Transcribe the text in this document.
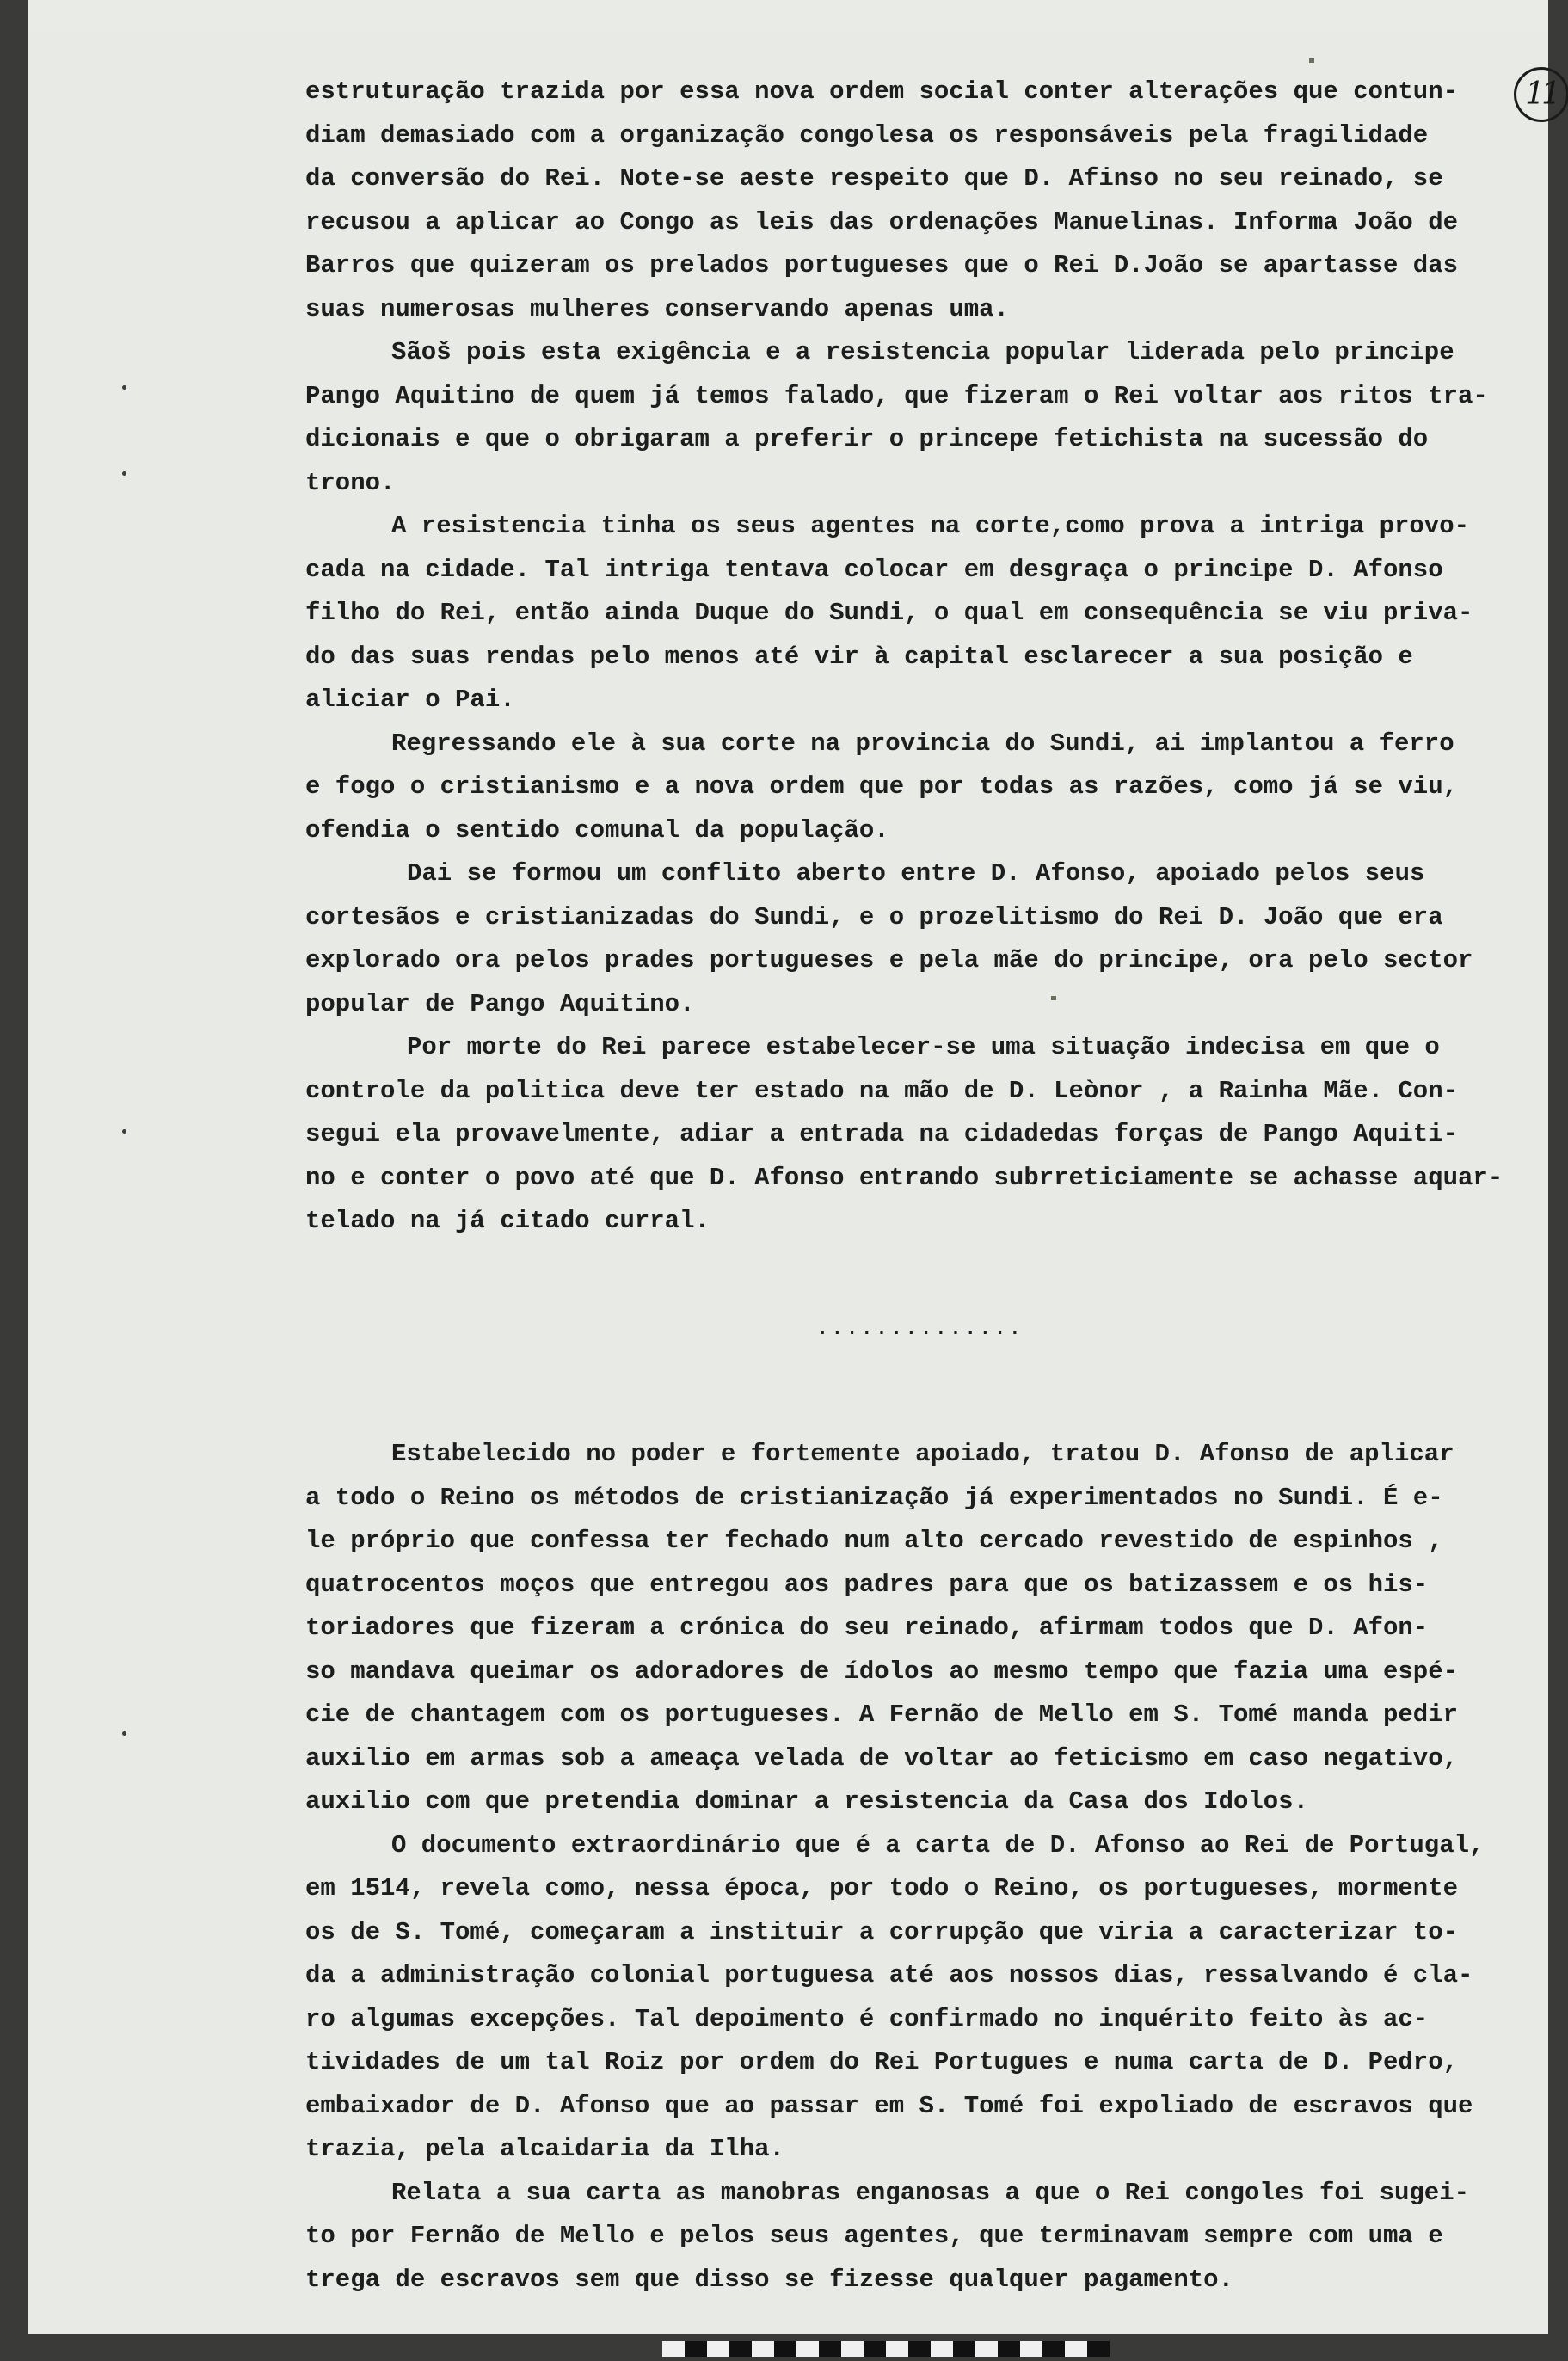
11

estruturação trazida por essa nova ordem social conter alterações que contun-

diam demasiado com a organização congolesa os responsáveis pela fragilidade

da conversão do Rei. Note-se aeste respeito que D. Afinso no seu reinado, se

recusou a aplicar ao Congo as leis das ordenações Manuelinas. Informa João de

Barros que quizeram os prelados portugueses que o Rei D.João se apartasse das

suas numerosas mulheres conservando apenas uma.

Sãoš pois esta exigência e a resistencia popular liderada pelo principe

Pango Aquitino de quem já temos falado, que fizeram o Rei voltar aos ritos tra-

dicionais e que o obrigaram a preferir o princepe fetichista na sucessão do

trono.

A resistencia tinha os seus agentes na corte,como prova a intriga provo-

cada na cidade. Tal intriga tentava colocar em desgraça o principe D. Afonso

filho do Rei, então ainda Duque do Sundi, o qual em consequência se viu priva-

do das suas rendas pelo menos até vir à capital esclarecer a sua posição e

aliciar o Pai.

Regressando ele à sua corte na provincia do Sundi, ai implantou a ferro

e fogo o cristianismo e a nova ordem que por todas as razões, como já se viu,

ofendia o sentido comunal da população.

Dai se formou um conflito aberto entre D. Afonso, apoiado pelos seus

cortesãos e cristianizadas do Sundi, e o prozelitismo do Rei D. João que era

explorado ora pelos prades portugueses e pela mãe do principe, ora pelo sector

popular de Pango Aquitino.

Por morte do Rei parece estabelecer-se uma situação indecisa em que o

controle da politica deve ter estado na mão de D. Leònor , a Rainha Mãe. Con-

segui ela provavelmente, adiar a entrada na cidadedas forças de Pango Aquiti-

no e conter o povo até que D. Afonso entrando subrreticiamente se achasse aquar-

telado na já citado curral.

..............

Estabelecido no poder e fortemente apoiado, tratou D. Afonso de aplicar

a todo o Reino os métodos de cristianização já experimentados no Sundi. É e-

le próprio que confessa ter fechado num alto cercado revestido de espinhos ,

quatrocentos moços que entregou aos padres para que os batizassem e os his-

toriadores que fizeram a crónica do seu reinado, afirmam todos que D. Afon-

so mandava queimar os adoradores de ídolos ao mesmo tempo que fazia uma espé-

cie de chantagem com os portugueses. A Fernão de Mello em S. Tomé manda pedir

auxilio em armas sob a ameaça velada de voltar ao feticismo em caso negativo,

auxilio com que pretendia dominar a resistencia da Casa dos Idolos.

O documento extraordinário que é a carta de D. Afonso ao Rei de Portugal,

em 1514, revela como, nessa época, por todo o Reino, os portugueses, mormente

os de S. Tomé, começaram a instituir a corrupção que viria a caracterizar to-

da a administração colonial portuguesa até aos nossos dias, ressalvando é cla-

ro algumas excepções. Tal depoimento é confirmado no inquérito feito às ac-

tividades de um tal Roiz por ordem do Rei Portugues e numa carta de D. Pedro,

embaixador de D. Afonso que ao passar em S. Tomé foi expoliado de escravos que

trazia, pela alcaidaria da Ilha.

Relata a sua carta as manobras enganosas a que o Rei congoles foi sugei-

to por Fernão de Mello e pelos seus agentes, que terminavam sempre com uma e

trega de escravos sem que disso se fizesse qualquer pagamento.
